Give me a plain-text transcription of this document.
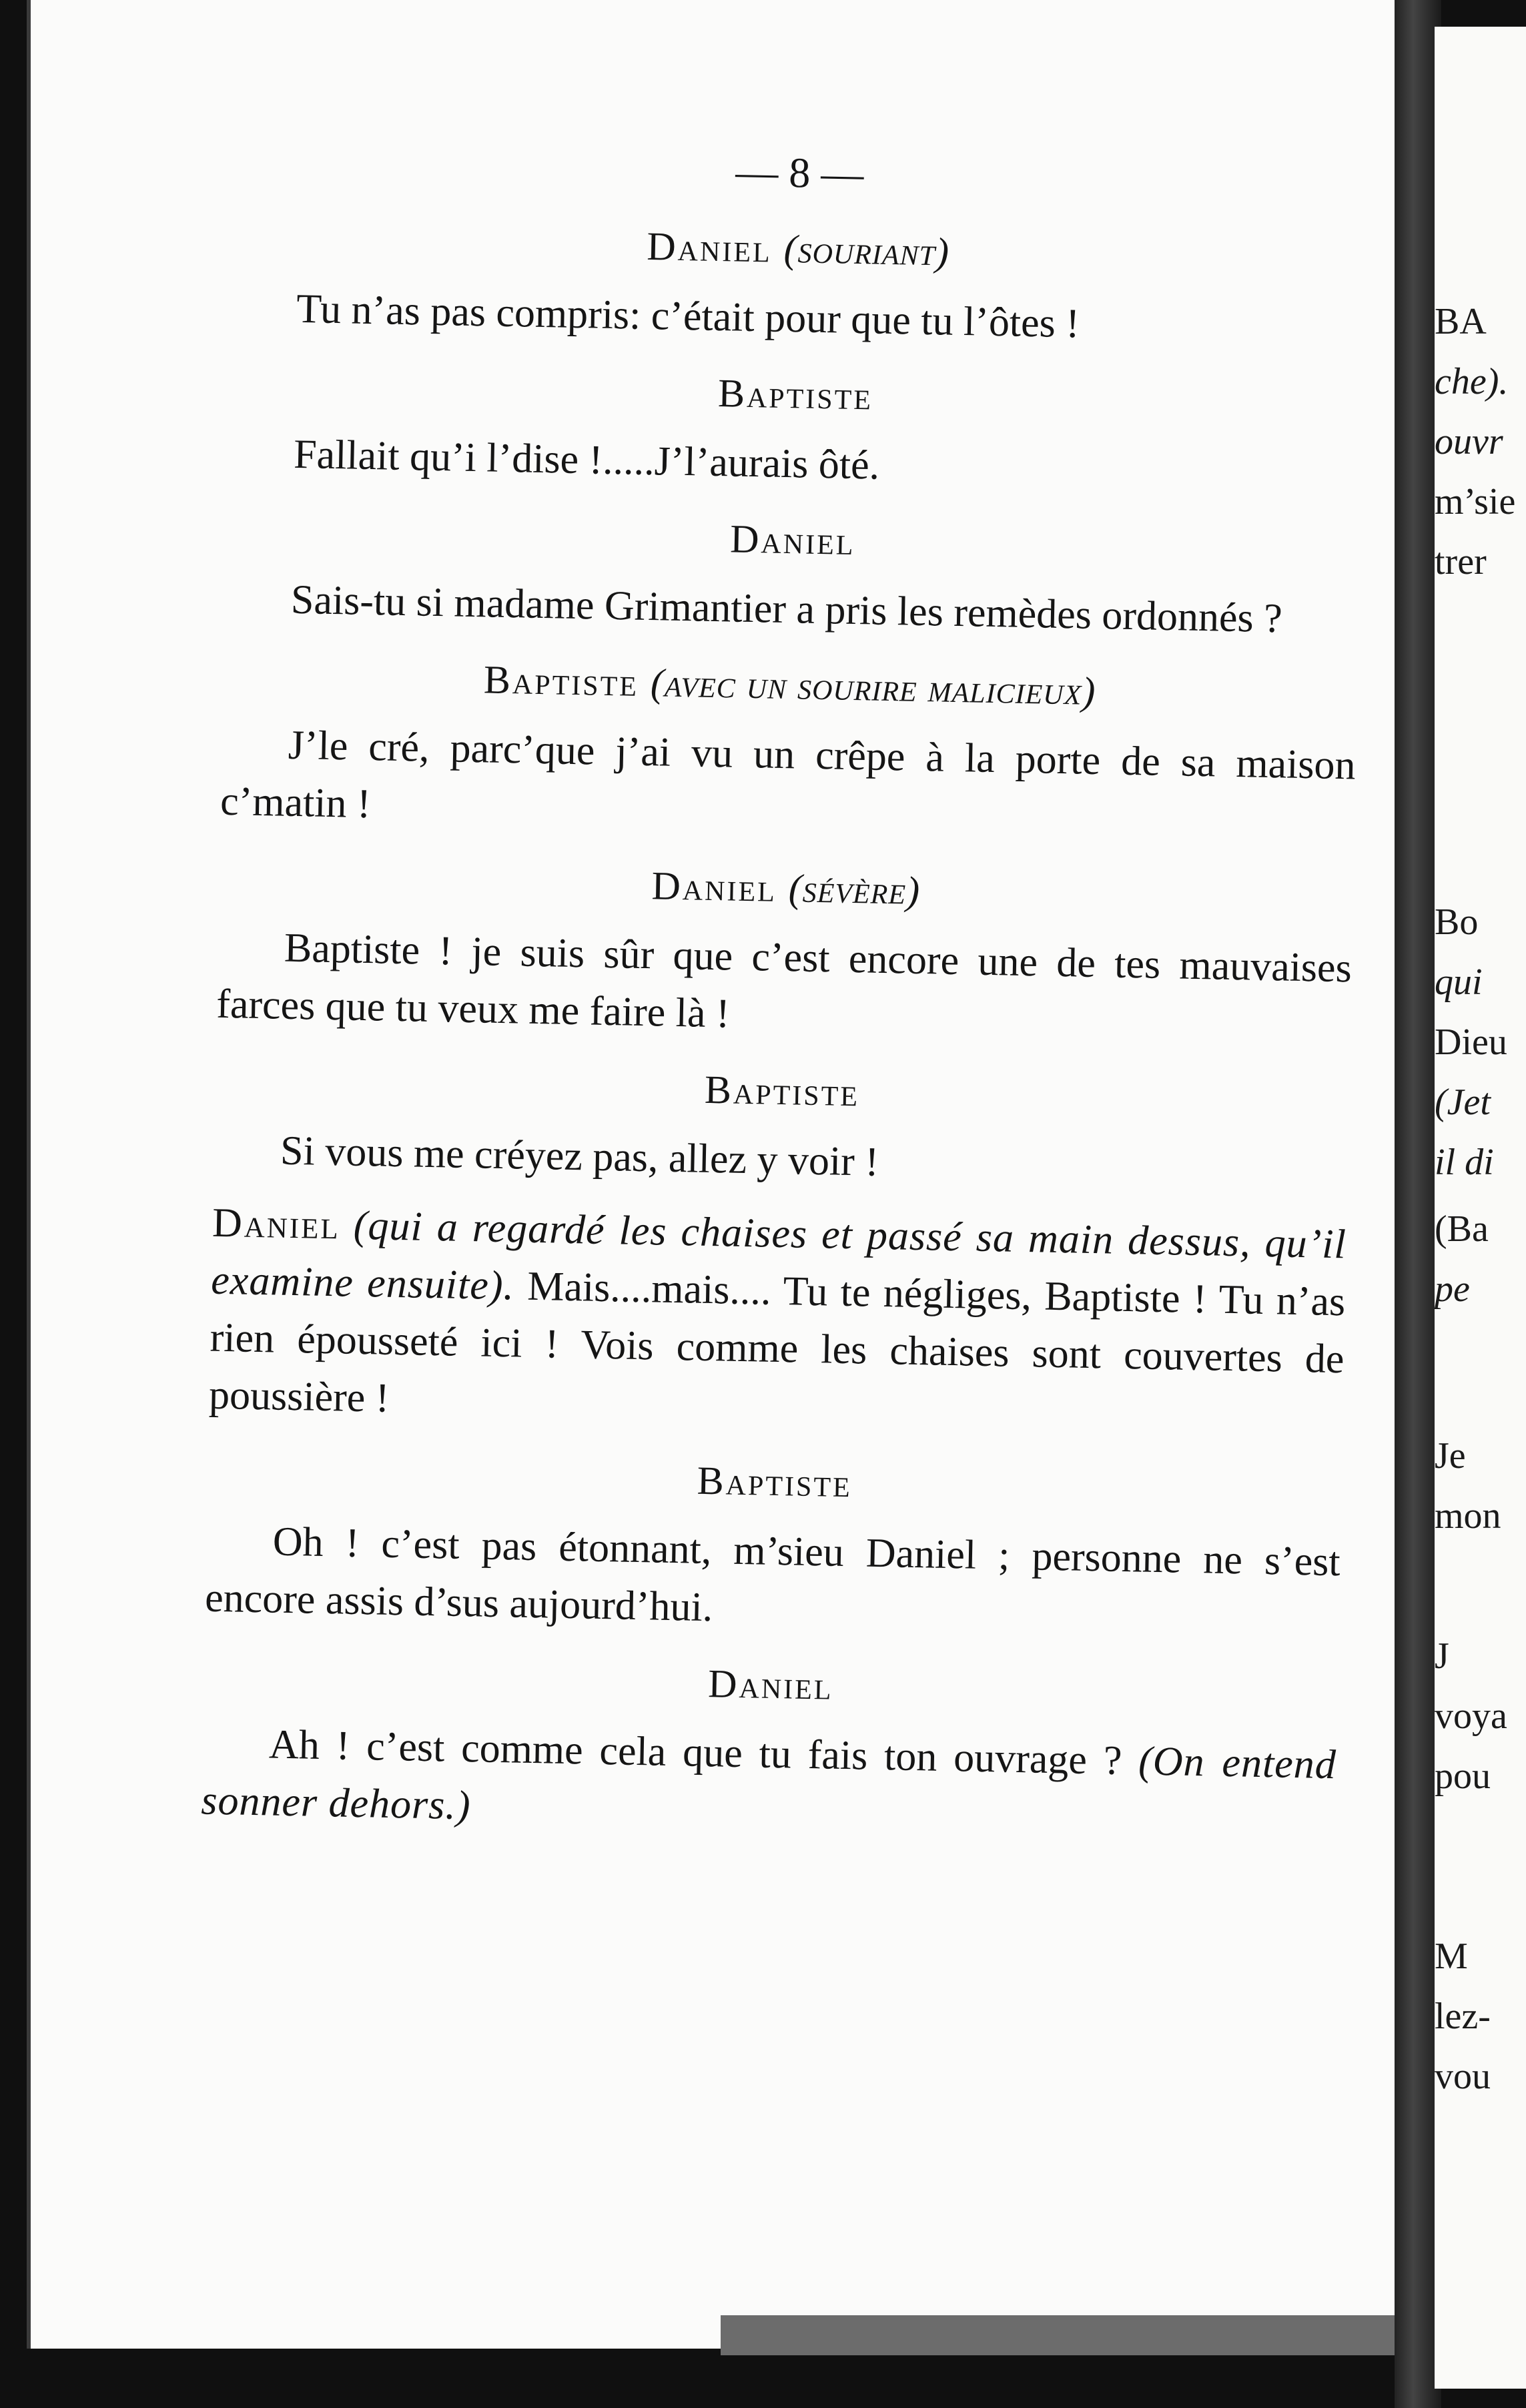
— 8 —
Daniel (souriant)

Tu n’as pas compris: c’était pour que tu l’ôtes !

Baptiste

Fallait qu’i l’dise !.....J’l’aurais ôté.

Daniel

Sais-tu si madame Grimantier a pris les remèdes ordonnés ?

Baptiste (avec un sourire malicieux)

J’le cré, parc’que j’ai vu un crêpe à la porte de sa maison c’matin !

Daniel (sévère)

Baptiste ! je suis sûr que c’est encore une de tes mauvaises farces que tu veux me faire là !

Baptiste

Si vous me créyez pas, allez y voir !

Daniel (qui a regardé les chaises et passé sa main dessus, qu’il examine ensuite). Mais....mais.... Tu te négliges, Baptiste ! Tu n’as rien épousseté ici ! Vois comme les chaises sont couvertes de poussière !

Baptiste

Oh ! c’est pas étonnant, m’sieu Daniel ; personne ne s’est encore assis d’sus aujourd’hui.

Daniel

Ah ! c’est comme cela que tu fais ton ouvrage ? (On entend sonner dehors.)

BA
che).
ouvr
m’sie
trer
Bo
qui
Dieu
(Jet
il di
(Ba
pe
Je
mon
J
voya
pou
M
lez-
vou
